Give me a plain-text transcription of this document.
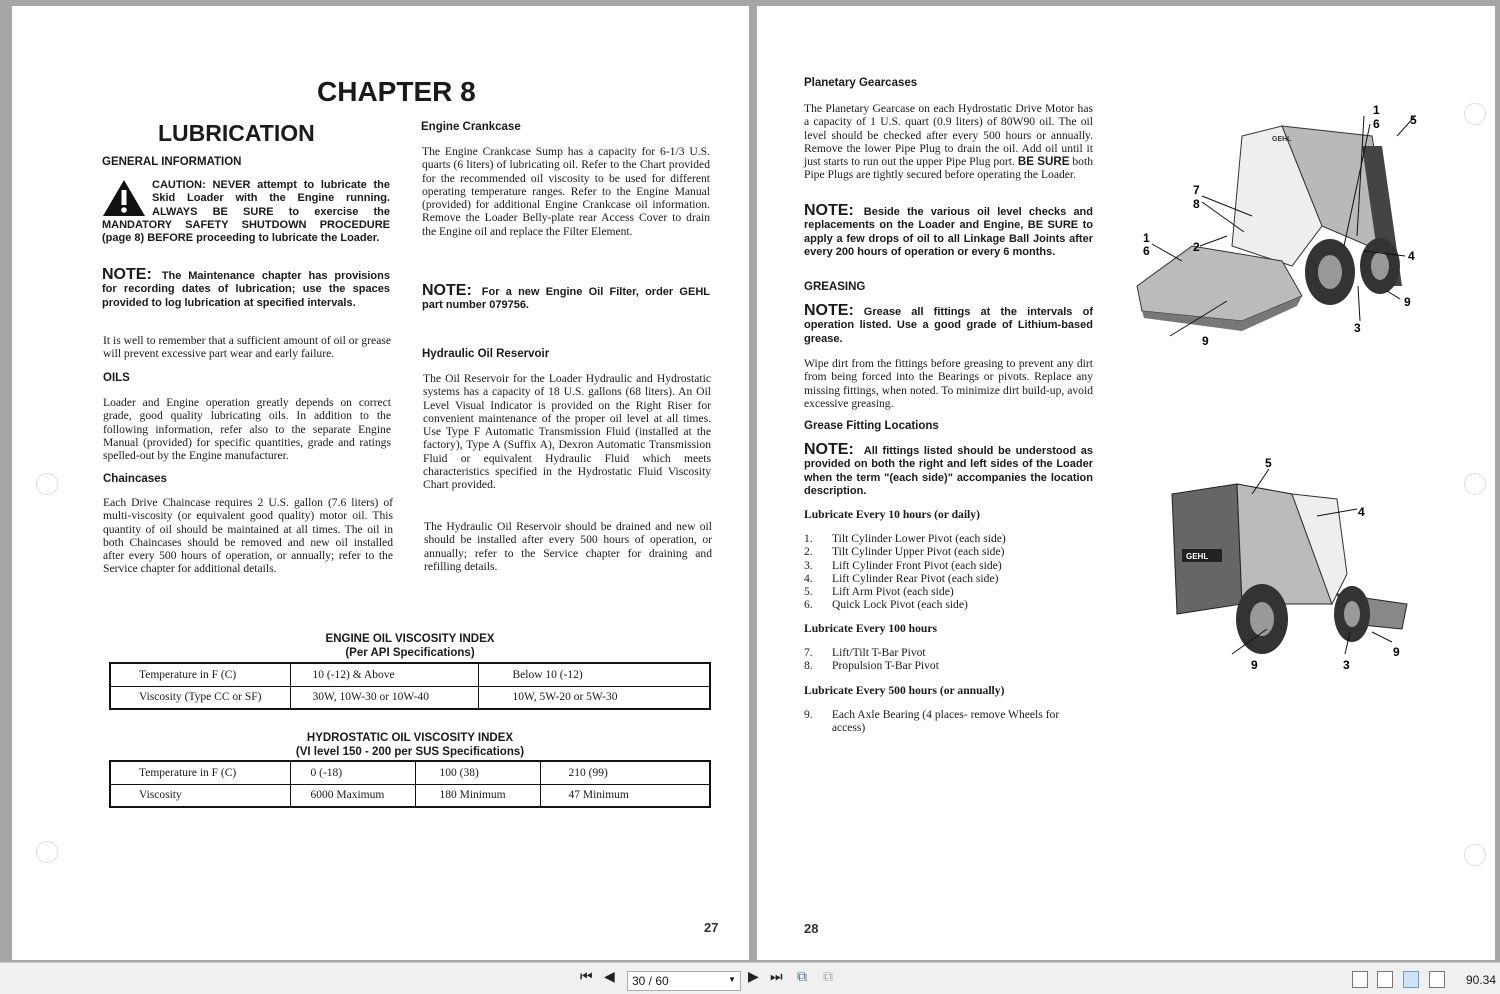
CHAPTER 8
LUBRICATION
GENERAL INFORMATION
CAUTION: NEVER attempt to lubricate the Skid Loader with the Engine running. ALWAYS BE SURE to exercise the MANDATORY SAFETY SHUTDOWN PROCEDURE (page 8) BEFORE proceeding to lubricate the Loader.
NOTE: The Maintenance chapter has provisions for recording dates of lubrication; use the spaces provided to log lubrication at specified intervals.
It is well to remember that a sufficient amount of oil or grease will prevent excessive part wear and early failure.
OILS
Loader and Engine operation greatly depends on correct grade, good quality lubricating oils. In addition to the following information, refer also to the separate Engine Manual (provided) for specific quantities, grade and ratings spelled-out by the Engine manufacturer.
Chaincases
Each Drive Chaincase requires 2 U.S. gallon (7.6 liters) of multi-viscosity (or equivalent good quality) motor oil. This quantity of oil should be maintained at all times. The oil in both Chaincases should be removed and new oil installed after every 500 hours of operation, or annually; refer to the Service chapter for additional details.
Engine Crankcase
The Engine Crankcase Sump has a capacity for 6-1/3 U.S. quarts (6 liters) of lubricating oil. Refer to the Chart provided for the recommended oil viscosity to be used for different operating temperature ranges. Refer to the Engine Manual (provided) for additional Engine Crankcase oil information. Remove the Loader Belly-plate rear Access Cover to drain the Engine oil and replace the Filter Element.
NOTE: For a new Engine Oil Filter, order GEHL part number 079756.
Hydraulic Oil Reservoir
The Oil Reservoir for the Loader Hydraulic and Hydrostatic systems has a capacity of 18 U.S. gallons (68 liters). An Oil Level Visual Indicator is provided on the Right Riser for convenient maintenance of the proper oil level at all times. Use Type F Automatic Transmission Fluid (installed at the factory), Type A (Suffix A), Dexron Automatic Transmission Fluid or equivalent Hydraulic Fluid which meets characteristics specified in the Hydrostatic Fluid Viscosity Chart provided.
The Hydraulic Oil Reservoir should be drained and new oil should be installed after every 500 hours of operation, or annually; refer to the Service chapter for draining and refilling details.
ENGINE OIL VISCOSITY INDEX
(Per API Specifications)
Temperature in F (C)	10 (-12) & Above	Below 10 (-12)
Viscosity (Type CC or SF)	30W, 10W-30 or 10W-40	10W, 5W-20 or 5W-30
HYDROSTATIC OIL VISCOSITY INDEX
(VI level 150 - 200 per SUS Specifications)
Temperature in F (C)	0 (-18)	100 (38)	210 (99)
Viscosity	6000 Maximum	180 Minimum	47 Minimum
27
Planetary Gearcases
The Planetary Gearcase on each Hydrostatic Drive Motor has a capacity of 1 U.S. quart (0.9 liters) of 80W90 oil. The oil level should be checked after every 500 hours or annually. Remove the lower Pipe Plug to drain the oil. Add oil until it just starts to run out the upper Pipe Plug port. BE SURE both Pipe Plugs are tightly secured before operating the Loader.
NOTE: Beside the various oil level checks and replacements on the Loader and Engine, BE SURE to apply a few drops of oil to all Linkage Ball Joints after every 200 hours of operation or every 6 months.
GREASING
NOTE: Grease all fittings at the intervals of operation listed. Use a good grade of Lithium-based grease.
Wipe dirt from the fittings before greasing to prevent any dirt from being forced into the Bearings or pivots. Replace any missing fittings, when noted. To minimize dirt build-up, avoid excessive greasing.
Grease Fitting Locations
NOTE: All fittings listed should be understood as provided on both the right and left sides of the Loader when the term "(each side)" accompanies the location description.
Lubricate Every 10 hours (or daily)
1.	Tilt Cylinder Lower Pivot (each side)
2.	Tilt Cylinder Upper Pivot (each side)
3.	Lift Cylinder Front Pivot (each side)
4.	Lift Cylinder Rear Pivot (each side)
5.	Lift Arm Pivot (each side)
6.	Quick Lock Pivot (each side)
Lubricate Every 100 hours
7.	Lift/Tilt T-Bar Pivot
8.	Propulsion T-Bar Pivot
Lubricate Every 500 hours (or annually)
9.	Each Axle Bearing (4 places- remove Wheels for access)
GEHL
1
6	5
7
8
1
6	2
4
9
3
9
GEHL
5
4
9
3
9
28
⏮ ◀	30 / 60	▼ ▶ ⏭ ⧉ ⧉	90.34
